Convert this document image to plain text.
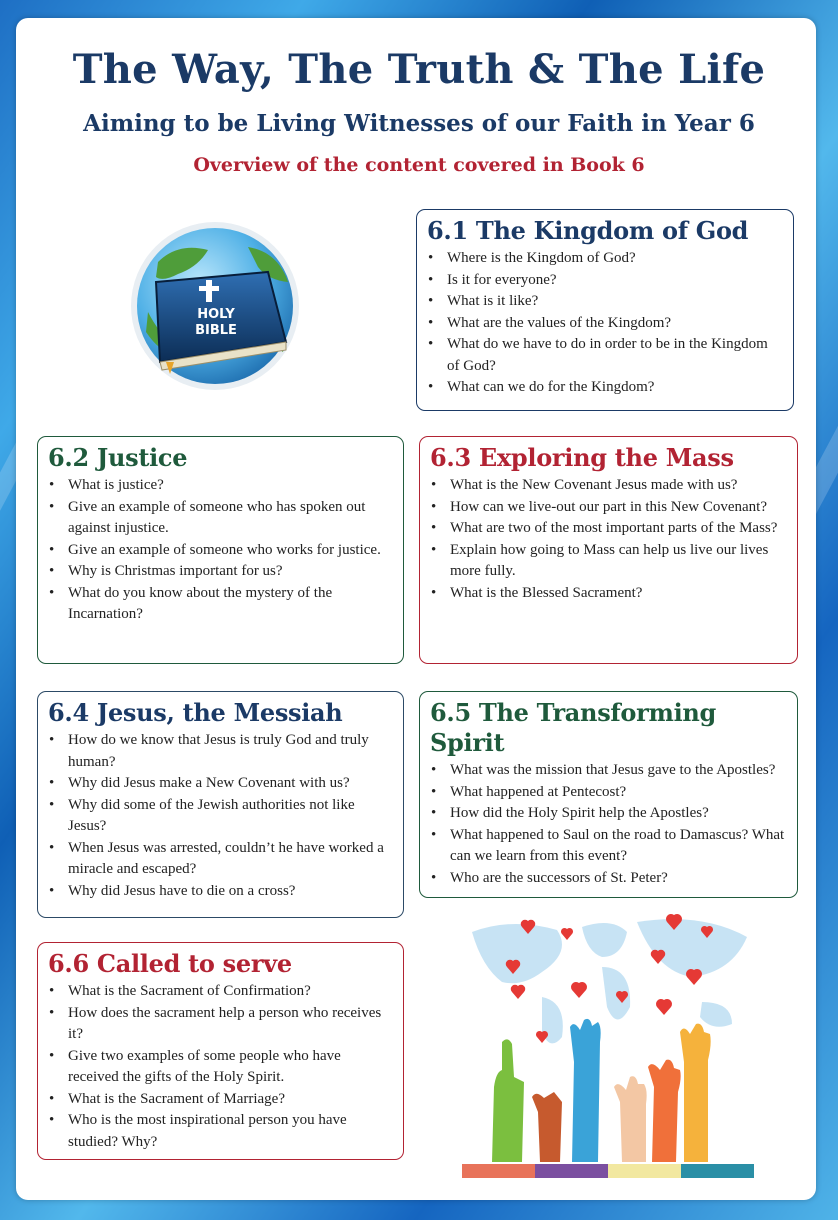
The Way, The Truth & The Life
Aiming to be Living Witnesses of our Faith in Year 6
Overview of the content covered in Book 6
HOLY
BIBLE
6.1 The Kingdom of God
• Where is the Kingdom of God?
• Is it for everyone?
• What is it like?
• What are the values of the Kingdom?
• What do we have to do in order to be in the Kingdom of God?
• What can we do for the Kingdom?
6.2 Justice
• What is justice?
• Give an example of someone who has spoken out against injustice.
• Give an example of someone who works for justice.
• Why is Christmas important for us?
• What do you know about the mystery of the Incarnation?
6.3 Exploring the Mass
• What is the New Covenant Jesus made with us?
• How can we live-out our part in this New Covenant?
• What are two of the most important parts of the Mass?
• Explain how going to Mass can help us live our lives more fully.
• What is the Blessed Sacrament?
6.4 Jesus, the Messiah
• How do we know that Jesus is truly God and truly human?
• Why did Jesus make a New Covenant with us?
• Why did some of the Jewish authorities not like Jesus?
• When Jesus was arrested, couldn’t he have worked a miracle and escaped?
• Why did Jesus have to die on a cross?
6.5 The Transforming Spirit
• What was the mission that Jesus gave to the Apostles?
• What happened at Pentecost?
• How did the Holy Spirit help the Apostles?
• What happened to Saul on the road to Damascus? What can we learn from this event?
• Who are the successors of St. Peter?
6.6 Called to serve
• What is the Sacrament of Confirmation?
• How does the sacrament help a person who receives it?
• Give two examples of some people who have received the gifts of the Holy Spirit.
• What is the Sacrament of Marriage?
• Who is the most inspirational person you have studied? Why?
